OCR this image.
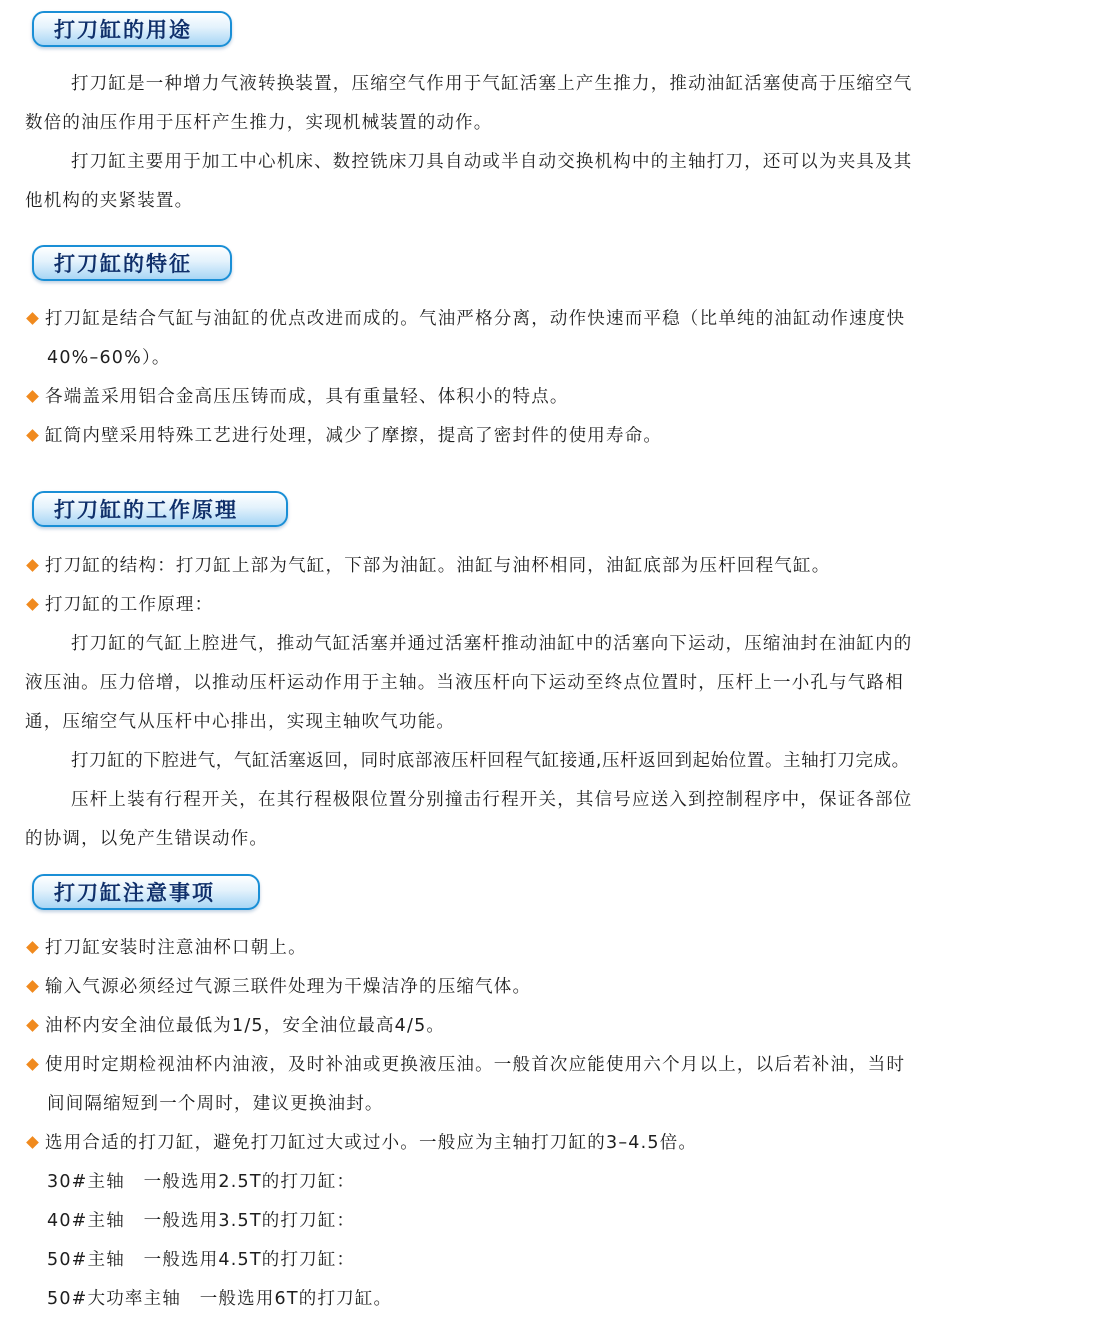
打刀缸的用途

打刀缸是一种增力气液转换装置，压缩空气作用于气缸活塞上产生推力，推动油缸活塞使高于压缩空气

数倍的油压作用于压杆产生推力，实现机械装置的动作。

打刀缸主要用于加工中心机床、数控铣床刀具自动或半自动交换机构中的主轴打刀，还可以为夹具及其

他机构的夹紧装置。

打刀缸的特征

打刀缸是结合气缸与油缸的优点改进而成的。气油严格分离，动作快速而平稳（比单纯的油缸动作速度快

40%–60%）。

各端盖采用铝合金高压压铸而成，具有重量轻、体积小的特点。

缸筒内壁采用特殊工艺进行处理，减少了摩擦，提高了密封件的使用寿命。

打刀缸的工作原理

打刀缸的结构：打刀缸上部为气缸，下部为油缸。油缸与油杯相同，油缸底部为压杆回程气缸。

打刀缸的工作原理：

打刀缸的气缸上腔进气，推动气缸活塞并通过活塞杆推动油缸中的活塞向下运动，压缩油封在油缸内的

液压油。压力倍增，以推动压杆运动作用于主轴。当液压杆向下运动至终点位置时，压杆上一小孔与气路相

通，压缩空气从压杆中心排出，实现主轴吹气功能。

打刀缸的下腔进气，气缸活塞返回，同时底部液压杆回程气缸接通,压杆返回到起始位置。主轴打刀完成。

压杆上装有行程开关，在其行程极限位置分别撞击行程开关，其信号应送入到控制程序中，保证各部位

的协调，以免产生错误动作。

打刀缸注意事项

打刀缸安装时注意油杯口朝上。

输入气源必须经过气源三联件处理为干燥洁净的压缩气体。

油杯内安全油位最低为1/5，安全油位最高4/5。

使用时定期检视油杯内油液，及时补油或更换液压油。一般首次应能使用六个月以上，以后若补油，当时

间间隔缩短到一个周时，建议更换油封。

选用合适的打刀缸，避免打刀缸过大或过小。一般应为主轴打刀缸的3–4.5倍。

30#主轴　一般选用2.5T的打刀缸：

40#主轴　一般选用3.5T的打刀缸：

50#主轴　一般选用4.5T的打刀缸：

50#大功率主轴　一般选用6T的打刀缸。
